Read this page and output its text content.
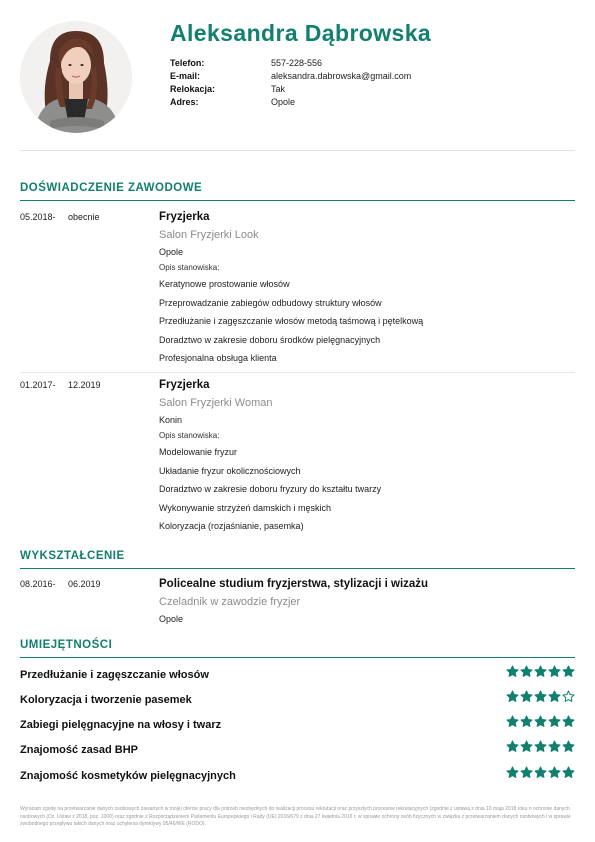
Aleksandra Dąbrowska
Telefon:	557-228-556
E-mail:	aleksandra.dabrowska@gmail.com
Relokacja:	Tak
Adres:	Opole
DOŚWIADCZENIE ZAWODOWE
05.2018- obecnie	Fryzjerka
Salon Fryzjerki Look
Opole
Opis stanowiska:
Keratynowe prostowanie włosów
Przeprowadzanie zabiegów odbudowy struktury włosów
Przedłużanie i zagęszczanie włosów metodą taśmową i pętelkową
Doradztwo w zakresie doboru środków pielęgnacyjnych
Profesjonalna obsługa klienta
01.2017- 12.2019	Fryzjerka
Salon Fryzjerki Woman
Konin
Opis stanowiska:
Modelowanie fryzur
Układanie fryzur okolicznościowych
Doradztwo w zakresie doboru fryzury do kształtu twarzy
Wykonywanie strzyżeń damskich i męskich
Koloryzacja (rozjaśnianie, pasemka)
WYKSZTAŁCENIE
08.2016- 06.2019	Policealne studium fryzjerstwa, stylizacji i wizażu
Czeladnik w zawodzie fryzjer
Opole
UMIEJĘTNOŚCI
Przedłużanie i zagęszczanie włosów
Koloryzacja i tworzenie pasemek
Zabiegi pielęgnacyjne na włosy i twarz
Znajomość zasad BHP
Znajomość kosmetyków pielęgnacyjnych
Wyrażam zgodę na przetwarzanie danych osobowych zawartych w mojej ofercie pracy dla potrzeb niezbędnych do realizacji procesu rekrutacji oraz przyszłych procesów rekrutacyjnych (zgodnie z ustawą z dnia 10 maja 2018 roku o ochronie danych osobowych (Dz. Ustaw z 2018, poz. 1000) oraz zgodnie z Rozporządzeniem Parlamentu Europejskiego i Rady (UE) 2016/679 z dnia 27 kwietnia 2016 r. w sprawie ochrony osób fizycznych w związku z przetwarzaniem danych osobowych i w sprawie swobodnego przepływu takich danych oraz uchylenia dyrektywy 95/46/WE (RODO).
